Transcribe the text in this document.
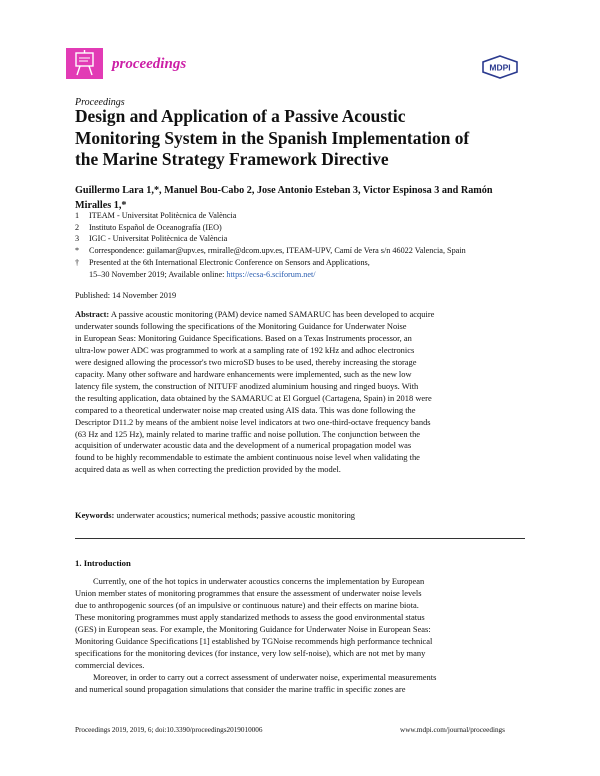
proceedings	MDPI
Proceedings
Design and Application of a Passive Acoustic
Monitoring System in the Spanish Implementation of
the Marine Strategy Framework Directive
Guillermo Lara 1,*, Manuel Bou-Cabo 2, Jose Antonio Esteban 3, Victor Espinosa 3 and Ramón
Miralles 1,*
1	ITEAM - Universitat Politècnica de València
2	Instituto Español de Oceanografía (IEO)
3	IGIC - Universitat Politècnica de València
*	Correspondence: guilamar@upv.es, rmiralle@dcom.upv.es, ITEAM-UPV, Camí de Vera s/n 46022 Valencia, Spain
†	Presented at the 6th International Electronic Conference on Sensors and Applications,
15–30 November 2019; Available online: https://ecsa-6.sciforum.net/
Published: 14 November 2019
Abstract: A passive acoustic monitoring (PAM) device named SAMARUC has been developed to acquire
underwater sounds following the specifications of the Monitoring Guidance for Underwater Noise
in European Seas: Monitoring Guidance Specifications. Based on a Texas Instruments processor, an
ultra-low power ADC was programmed to work at a sampling rate of 192 kHz and adhoc electronics
were designed allowing the processor's two microSD buses to be used, thereby increasing the storage
capacity. Many other software and hardware enhancements were implemented, such as the new low
latency file system, the construction of NITUFF anodized aluminium housing and ringed buoys. With
the resulting application, data obtained by the SAMARUC at El Gorguel (Cartagena, Spain) in 2018 were
compared to a theoretical underwater noise map created using AIS data. This was done following the
Descriptor D11.2 by means of the ambient noise level indicators at two one-third-octave frequency bands
(63 Hz and 125 Hz), mainly related to marine traffic and noise pollution. The conjunction between the
acquisition of underwater acoustic data and the development of a numerical propagation model was
found to be highly recommendable to estimate the ambient continuous noise level when validating the
acquired data as well as when correcting the prediction provided by the model.
Keywords: underwater acoustics; numerical methods; passive acoustic monitoring
1. Introduction
Currently, one of the hot topics in underwater acoustics concerns the implementation by European
Union member states of monitoring programmes that ensure the assessment of underwater noise levels
due to anthropogenic sources (of an impulsive or continuous nature) and their effects on marine biota.
These monitoring programmes must apply standarized methods to assess the good environmental status
(GES) in European seas. For example, the Monitoring Guidance for Underwater Noise in European Seas:
Monitoring Guidance Specifications [1] established by TGNoise recommends high performance technical
specifications for the monitoring devices (for instance, very low self-noise), which are not met by many
commercial devices.
Moreover, in order to carry out a correct assessment of underwater noise, experimental measurements
and numerical sound propagation simulations that consider the marine traffic in specific zones are
Proceedings 2019, 2019, 6; doi:10.3390/proceedings2019010006	www.mdpi.com/journal/proceedings
